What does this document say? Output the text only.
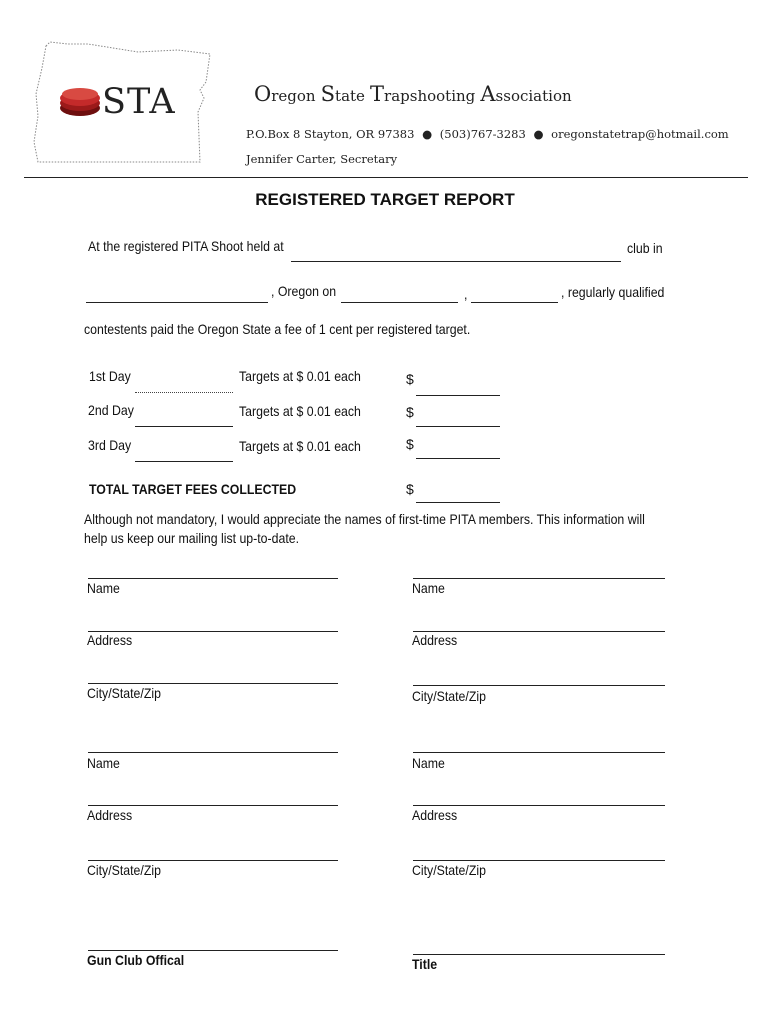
STA	Oregon State Trapshooting Association
P.O.Box 8 Stayton, OR 97383 ● (503)767-3283 ● oregonstatetrap@hotmail.com
Jennifer Carter, Secretary
REGISTERED TARGET REPORT
At the registered PITA Shoot held at	club in
, Oregon on	,	, regularly qualified
contestents paid the Oregon State a fee of 1 cent per registered target.
1st Day	Targets at $ 0.01 each	$
2nd Day	Targets at $ 0.01 each	$
3rd Day	Targets at $ 0.01 each	$
TOTAL TARGET FEES COLLECTED	$
Although not mandatory, I would appreciate the names of first-time PITA members. This information will
help us keep our mailing list up-to-date.
Name
Address
City/State/Zip
Name
Address
City/State/Zip
Name
Address
City/State/Zip
Name
Address
City/State/Zip
Gun Club Offical	Title
